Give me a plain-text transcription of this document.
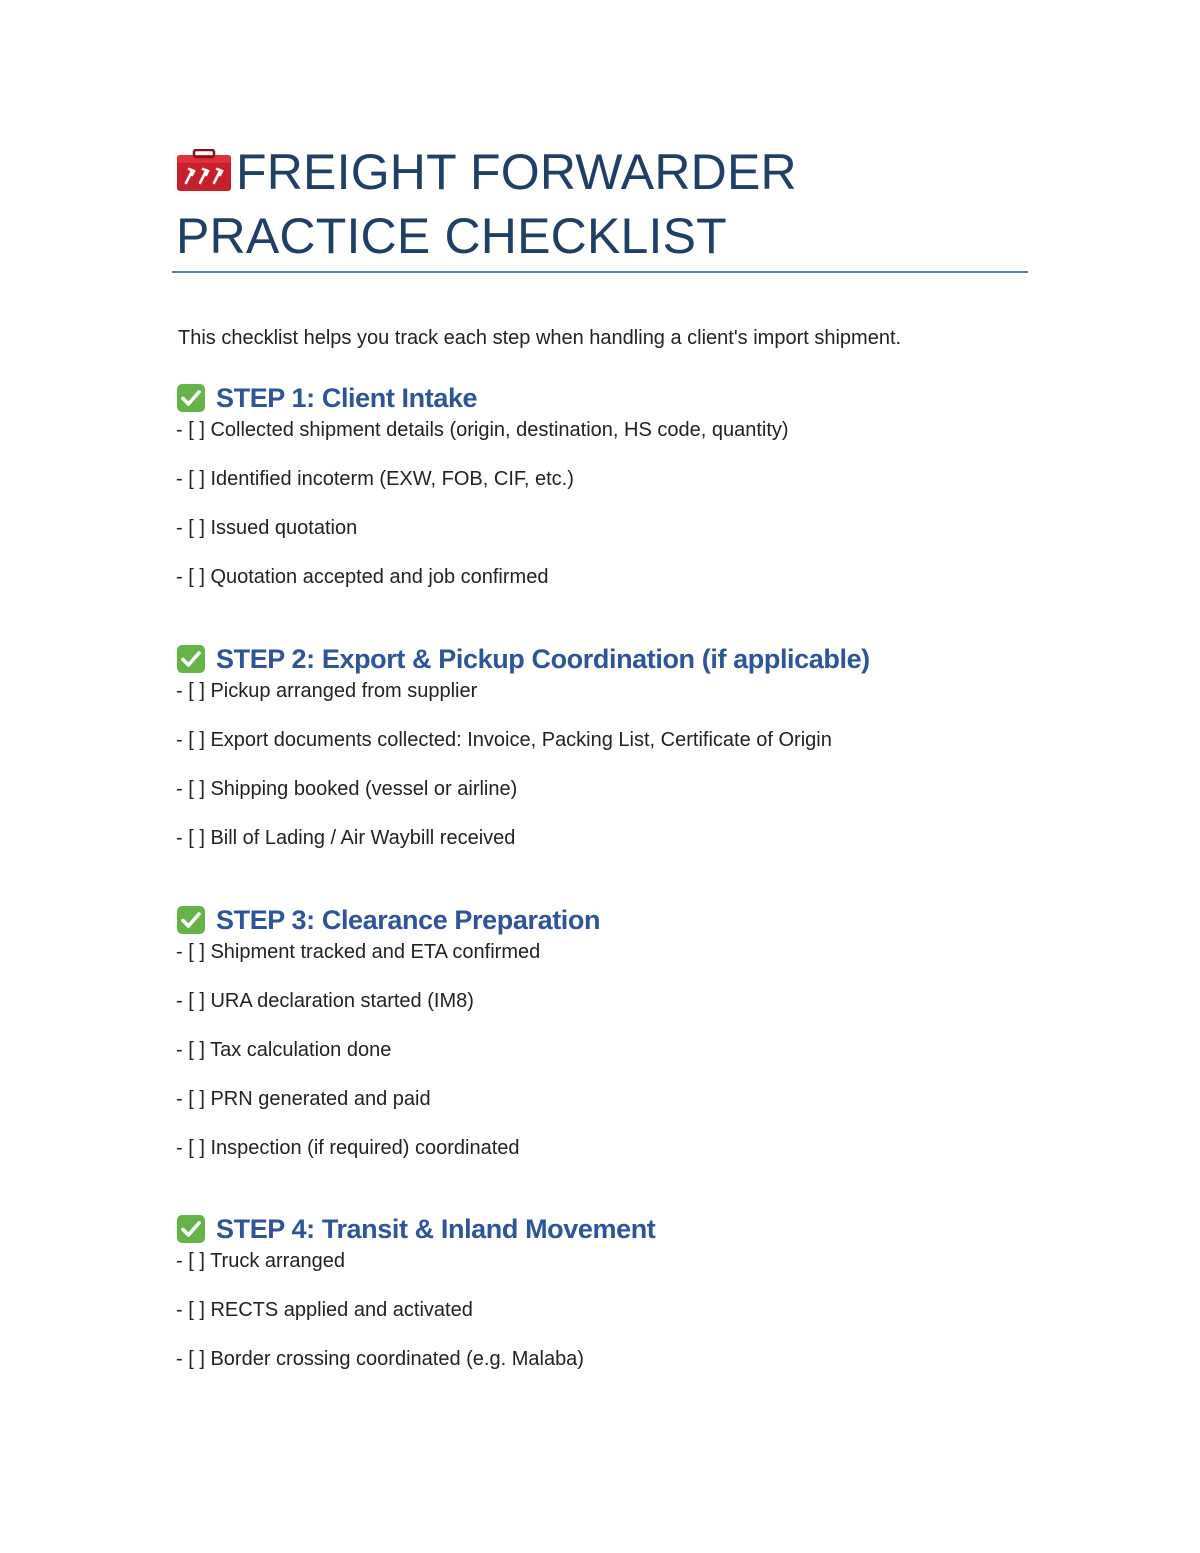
FREIGHT FORWARDER PRACTICE CHECKLIST

This checklist helps you track each step when handling a client's import shipment.

STEP 1: Client Intake
- [ ] Collected shipment details (origin, destination, HS code, quantity)
- [ ] Identified incoterm (EXW, FOB, CIF, etc.)
- [ ] Issued quotation
- [ ] Quotation accepted and job confirmed
STEP 2: Export & Pickup Coordination (if applicable)
- [ ] Pickup arranged from supplier
- [ ] Export documents collected: Invoice, Packing List, Certificate of Origin
- [ ] Shipping booked (vessel or airline)
- [ ] Bill of Lading / Air Waybill received
STEP 3: Clearance Preparation
- [ ] Shipment tracked and ETA confirmed
- [ ] URA declaration started (IM8)
- [ ] Tax calculation done
- [ ] PRN generated and paid
- [ ] Inspection (if required) coordinated
STEP 4: Transit & Inland Movement
- [ ] Truck arranged
- [ ] RECTS applied and activated
- [ ] Border crossing coordinated (e.g. Malaba)
